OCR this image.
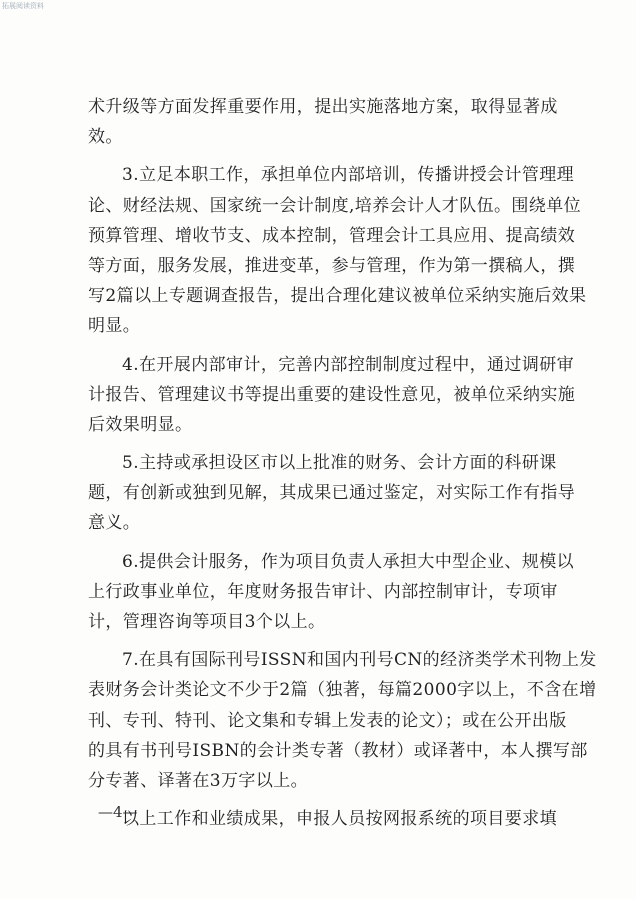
拓展阅读资料
术升级等方面发挥重要作用，提出实施落地方案，取得显著成
效。
3.立足本职工作，承担单位内部培训，传播讲授会计管理理
论、财经法规、国家统一会计制度,培养会计人才队伍。围绕单位
预算管理、增收节支、成本控制，管理会计工具应用、提高绩效
等方面，服务发展，推进变革，参与管理，作为第一撰稿人，撰
写2篇以上专题调查报告，提出合理化建议被单位采纳实施后效果
明显。
4.在开展内部审计，完善内部控制制度过程中，通过调研审
计报告、管理建议书等提出重要的建设性意见，被单位采纳实施
后效果明显。
5.主持或承担设区市以上批准的财务、会计方面的科研课
题，有创新或独到见解，其成果已通过鉴定，对实际工作有指导
意义。
6.提供会计服务，作为项目负责人承担大中型企业、规模以
上行政事业单位，年度财务报告审计、内部控制审计，专项审
计，管理咨询等项目3个以上。
7.在具有国际刊号ISSN和国内刊号CN的经济类学术刊物上发
表财务会计类论文不少于2篇（独著，每篇2000字以上，不含在增
刊、专刊、特刊、论文集和专辑上发表的论文）；或在公开出版
的具有书刊号ISBN的会计类专著（教材）或译著中，本人撰写部
分专著、译著在3万字以上。
以上工作和业绩成果，申报人员按网报系统的项目要求填
—4—
